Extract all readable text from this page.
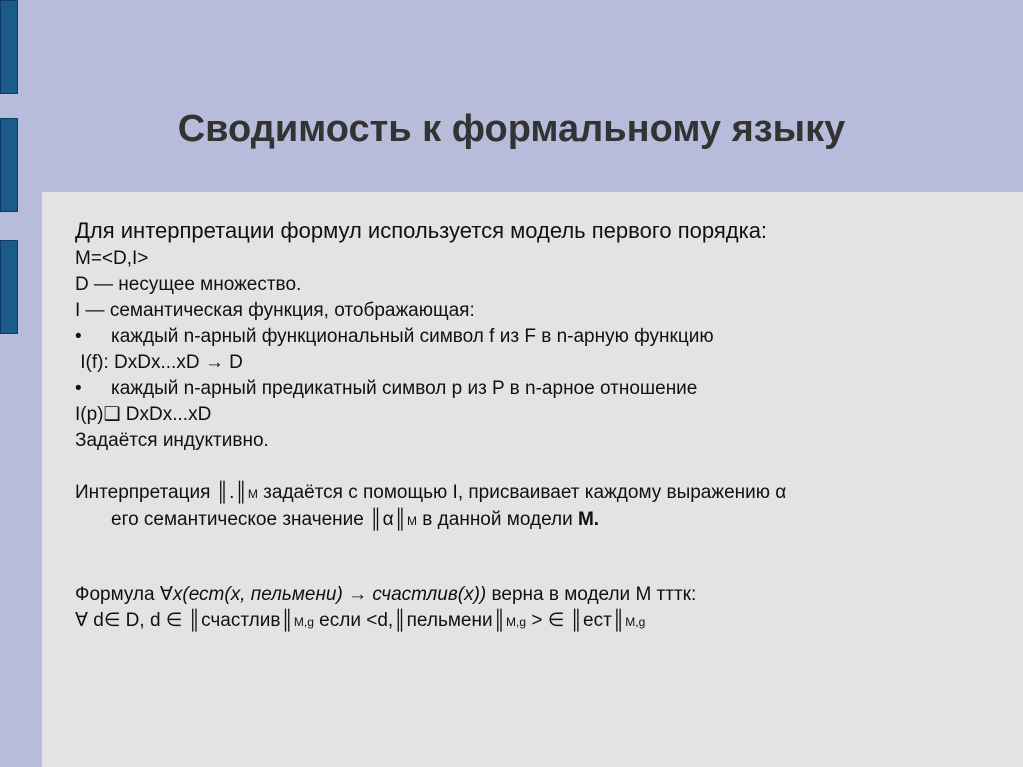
Сводимость к формальному языку
Для интерпретации формул используется модель первого порядка:
M=<D,I>
D — несущее множество.
I — семантическая функция, отображающая:
• каждый n-арный функциональный символ f из F в n-арную функцию
I(f): DxDx...xD → D
• каждый n-арный предикатный символ p из P в n-арное отношение
I(p)❑ DxDx...xD
Задаётся индуктивно.
Интерпретация ║.║M задаётся с помощью I, присваивает каждому выражению α
его семантическое значение ║α║M в данной модели M.
Формула ∀x(ест(x, пельмени) → счастлив(x)) верна в модели M тттк:
∀ d∈ D, d ∈ ║счастлив║M,g если <d,║пельмени║M,g > ∈ ║ест║M,g
